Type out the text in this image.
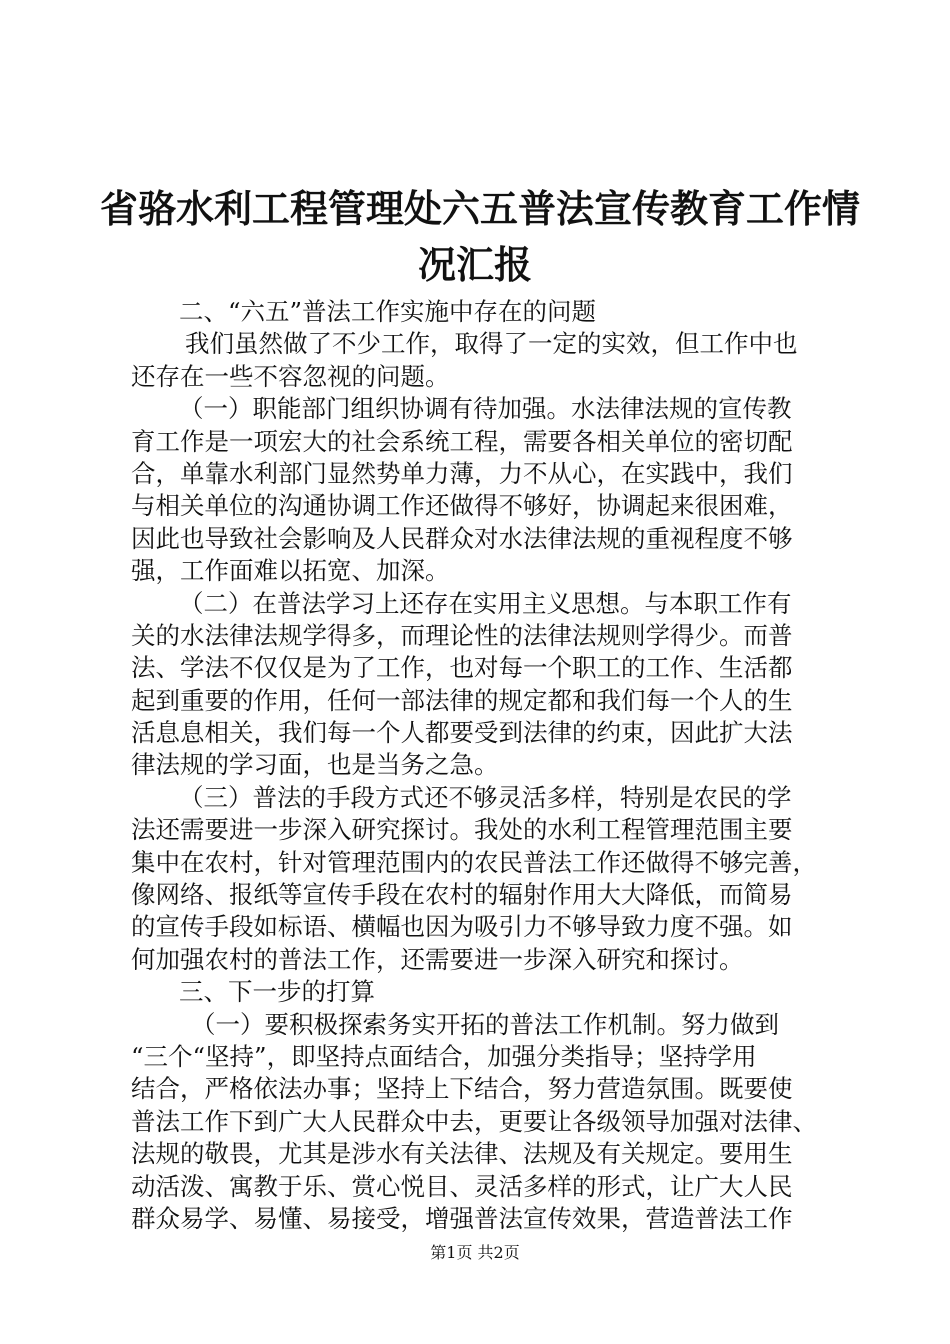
省骆水利工程管理处六五普法宣传教育工作情
况汇报
二、“六五”普法工作实施中存在的问题
我们虽然做了不少工作，取得了一定的实效，但工作中也
还存在一些不容忽视的问题。
（一）职能部门组织协调有待加强。水法律法规的宣传教
育工作是一项宏大的社会系统工程，需要各相关单位的密切配
合，单靠水利部门显然势单力薄，力不从心，在实践中，我们
与相关单位的沟通协调工作还做得不够好，协调起来很困难，
因此也导致社会影响及人民群众对水法律法规的重视程度不够
强，工作面难以拓宽、加深。
（二）在普法学习上还存在实用主义思想。与本职工作有
关的水法律法规学得多，而理论性的法律法规则学得少。而普
法、学法不仅仅是为了工作，也对每一个职工的工作、生活都
起到重要的作用，任何一部法律的规定都和我们每一个人的生
活息息相关，我们每一个人都要受到法律的约束，因此扩大法
律法规的学习面，也是当务之急。
（三）普法的手段方式还不够灵活多样，特别是农民的学
法还需要进一步深入研究探讨。我处的水利工程管理范围主要
集中在农村，针对管理范围内的农民普法工作还做得不够完善，
像网络、报纸等宣传手段在农村的辐射作用大大降低，而简易
的宣传手段如标语、横幅也因为吸引力不够导致力度不强。如
何加强农村的普法工作，还需要进一步深入研究和探讨。
三、下一步的打算
（一）要积极探索务实开拓的普法工作机制。努力做到
“三个“坚持”，即坚持点面结合，加强分类指导；坚持学用
结合，严格依法办事；坚持上下结合，努力营造氛围。既要使
普法工作下到广大人民群众中去，更要让各级领导加强对法律、
法规的敬畏，尤其是涉水有关法律、法规及有关规定。要用生
动活泼、寓教于乐、赏心悦目、灵活多样的形式，让广大人民
群众易学、易懂、易接受，增强普法宣传效果，营造普法工作
第1页 共2页
